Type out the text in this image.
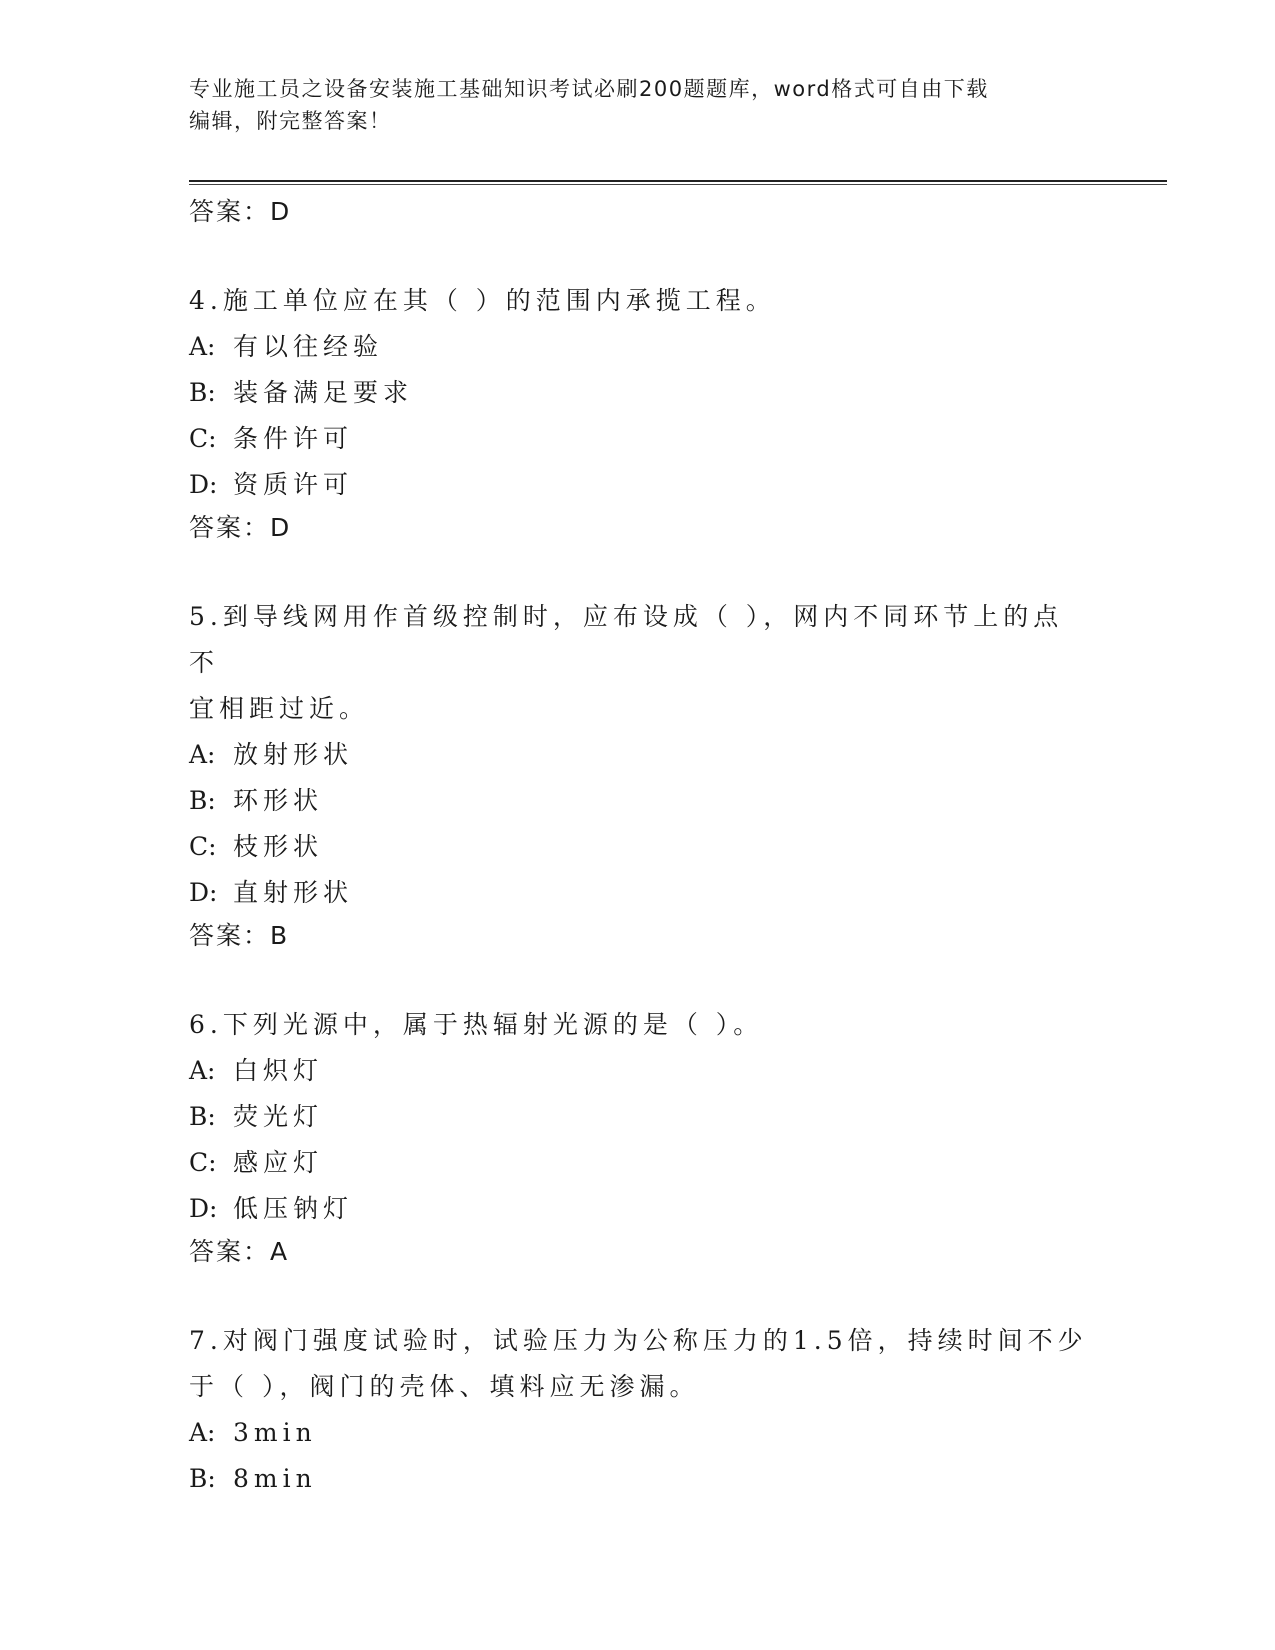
专业施工员之设备安装施工基础知识考试必刷200题题库，word格式可自由下载
编辑，附完整答案！
答案：D
4.施工单位应在其（ ）的范围内承揽工程。
A: 有以往经验
B: 装备满足要求
C: 条件许可
D: 资质许可
答案：D
5.到导线网用作首级控制时，应布设成（ ），网内不同环节上的点不
宜相距过近。
A: 放射形状
B: 环形状
C: 枝形状
D: 直射形状
答案：B
6.下列光源中，属于热辐射光源的是（ ）。
A: 白炽灯
B: 荧光灯
C: 感应灯
D: 低压钠灯
答案：A
7.对阀门强度试验时，试验压力为公称压力的1.5倍，持续时间不少
于（ ），阀门的壳体、填料应无渗漏。
A: 3min
B: 8min
